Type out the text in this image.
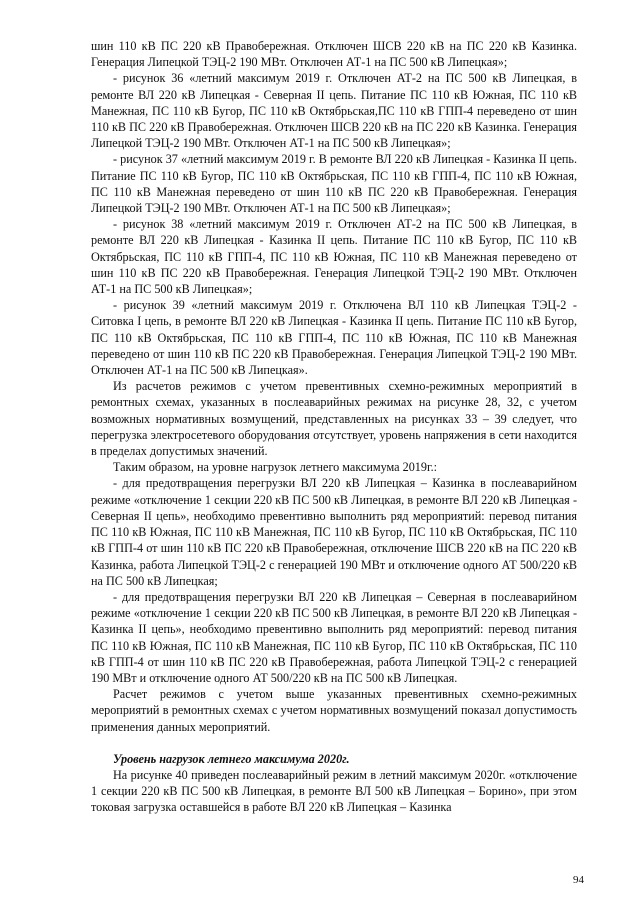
шин 110 кВ ПС 220 кВ Правобережная. Отключен ШСВ 220 кВ на ПС 220 кВ Казинка. Генерация Липецкой ТЭЦ-2 190 МВт. Отключен АТ-1 на ПС 500 кВ Липецкая»;

- рисунок 36 «летний максимум 2019 г. Отключен АТ-2 на ПС 500 кВ Липецкая, в ремонте ВЛ 220 кВ Липецкая - Северная II цепь. Питание ПС 110 кВ Южная, ПС 110 кВ Манежная, ПС 110 кВ Бугор, ПС 110 кВ Октябрьская,ПС 110 кВ ГПП-4 переведено от шин 110 кВ ПС 220 кВ Правобережная. Отключен ШСВ 220 кВ на ПС 220 кВ Казинка. Генерация Липецкой ТЭЦ-2 190 МВт. Отключен АТ-1 на ПС 500 кВ Липецкая»;

- рисунок 37 «летний максимум 2019 г. В ремонте ВЛ 220 кВ Липецкая - Казинка II цепь. Питание ПС 110 кВ Бугор, ПС 110 кВ Октябрьская, ПС 110 кВ ГПП-4, ПС 110 кВ Южная, ПС 110 кВ Манежная переведено от шин 110 кВ ПС 220 кВ Правобережная. Генерация Липецкой ТЭЦ-2 190 МВт. Отключен АТ-1 на ПС 500 кВ Липецкая»;

- рисунок 38 «летний максимум 2019 г. Отключен АТ-2 на ПС 500 кВ Липецкая, в ремонте ВЛ 220 кВ Липецкая - Казинка II цепь. Питание ПС 110 кВ Бугор, ПС 110 кВ Октябрьская, ПС 110 кВ ГПП-4, ПС 110 кВ Южная, ПС 110 кВ Манежная переведено от шин 110 кВ ПС 220 кВ Правобережная. Генерация Липецкой ТЭЦ-2 190 МВт. Отключен АТ-1 на ПС 500 кВ Липецкая»;

- рисунок 39 «летний максимум 2019 г. Отключена ВЛ 110 кВ Липецкая ТЭЦ-2 - Ситовка I цепь, в ремонте ВЛ 220 кВ Липецкая - Казинка II цепь. Питание ПС 110 кВ Бугор, ПС 110 кВ Октябрьская, ПС 110 кВ ГПП-4, ПС 110 кВ Южная, ПС 110 кВ Манежная переведено от шин 110 кВ ПС 220 кВ Правобережная. Генерация Липецкой ТЭЦ-2 190 МВт. Отключен АТ-1 на ПС 500 кВ Липецкая».

Из расчетов режимов с учетом превентивных схемно-режимных мероприятий в ремонтных схемах, указанных в послеаварийных режимах на рисунке 28, 32, с учетом возможных нормативных возмущений, представленных на рисунках 33 – 39 следует, что перегрузка электросетевого оборудования отсутствует, уровень напряжения в сети находится в пределах допустимых значений.

Таким образом, на уровне нагрузок летнего максимума 2019г.:

- для предотвращения перегрузки ВЛ 220 кВ Липецкая – Казинка в послеаварийном режиме «отключение 1 секции 220 кВ ПС 500 кВ Липецкая, в ремонте ВЛ 220 кВ Липецкая - Северная II цепь», необходимо превентивно выполнить ряд мероприятий: перевод питания ПС 110 кВ Южная, ПС 110 кВ Манежная, ПС 110 кВ Бугор, ПС 110 кВ Октябрьская, ПС 110 кВ ГПП-4 от шин 110 кВ ПС 220 кВ Правобережная, отключение ШСВ 220 кВ на ПС 220 кВ Казинка, работа Липецкой ТЭЦ-2 с генерацией 190 МВт и отключение одного АТ 500/220 кВ на ПС 500 кВ Липецкая;

- для предотвращения перегрузки ВЛ 220 кВ Липецкая – Северная в послеаварийном режиме «отключение 1 секции 220 кВ ПС 500 кВ Липецкая, в ремонте ВЛ 220 кВ Липецкая - Казинка II цепь», необходимо превентивно выполнить ряд мероприятий: перевод питания ПС 110 кВ Южная, ПС 110 кВ Манежная, ПС 110 кВ Бугор, ПС 110 кВ Октябрьская, ПС 110 кВ ГПП-4 от шин 110 кВ ПС 220 кВ Правобережная, работа Липецкой ТЭЦ-2 с генерацией 190 МВт и отключение одного АТ 500/220 кВ на ПС 500 кВ Липецкая.

Расчет режимов с учетом выше указанных превентивных схемно-режимных мероприятий в ремонтных схемах с учетом нормативных возмущений показал допустимость применения данных мероприятий.

Уровень нагрузок летнего максимума 2020г.

На рисунке 40 приведен послеаварийный режим в летний максимум 2020г. «отключение 1 секции 220 кВ ПС 500 кВ Липецкая, в ремонте ВЛ 500 кВ Липецкая – Борино», при этом токовая загрузка оставшейся в работе ВЛ 220 кВ Липецкая – Казинка

94
